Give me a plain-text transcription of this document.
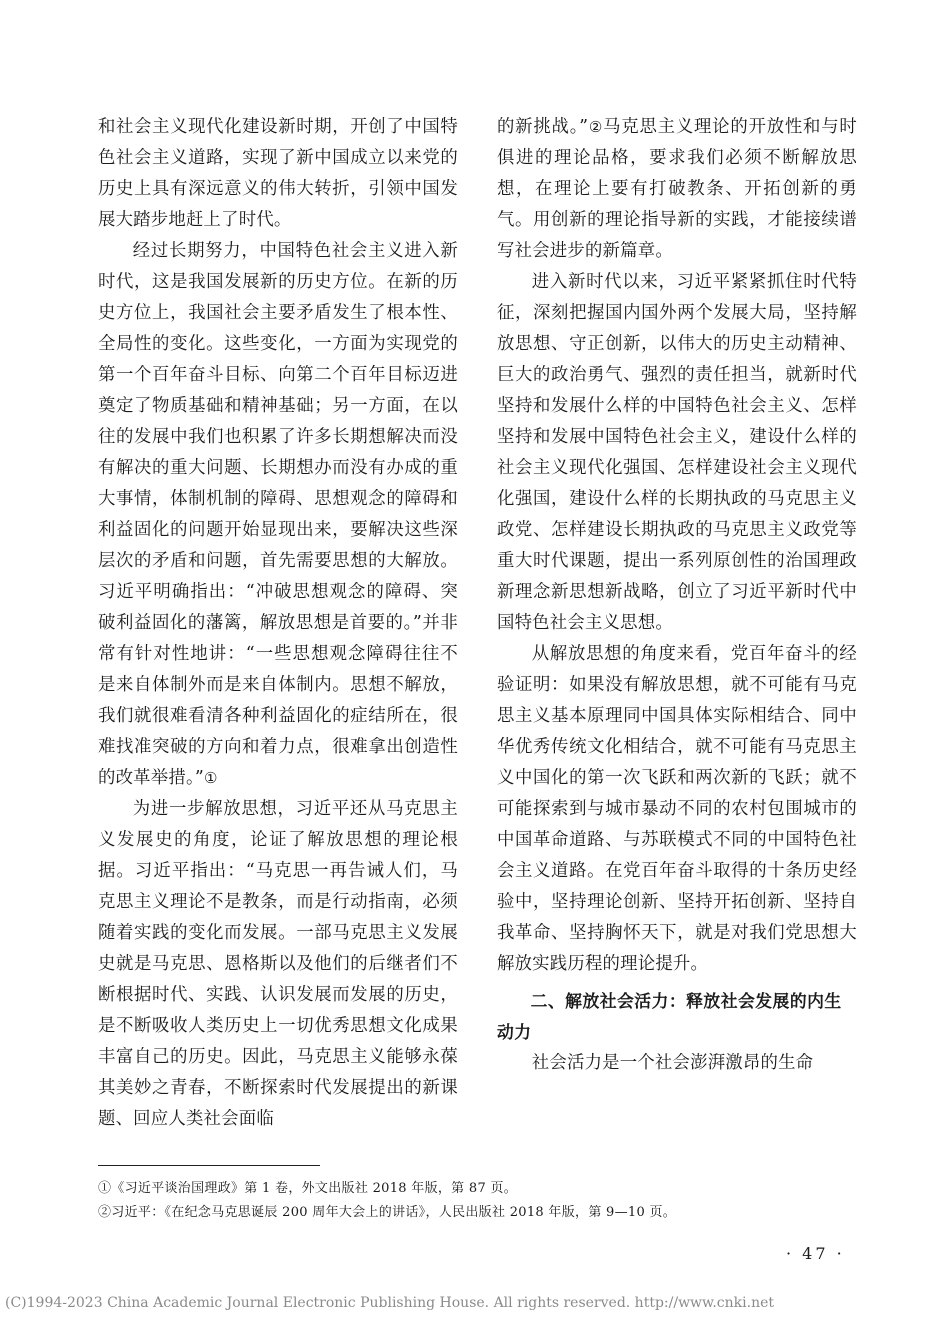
和社会主义现代化建设新时期，开创了中国特色社会主义道路，实现了新中国成立以来党的历史上具有深远意义的伟大转折，引领中国发展大踏步地赶上了时代。

经过长期努力，中国特色社会主义进入新时代，这是我国发展新的历史方位。在新的历史方位上，我国社会主要矛盾发生了根本性、全局性的变化。这些变化，一方面为实现党的第一个百年奋斗目标、向第二个百年目标迈进奠定了物质基础和精神基础；另一方面，在以往的发展中我们也积累了许多长期想解决而没有解决的重大问题、长期想办而没有办成的重大事情，体制机制的障碍、思想观念的障碍和利益固化的问题开始显现出来，要解决这些深层次的矛盾和问题，首先需要思想的大解放。习近平明确指出：“冲破思想观念的障碍、突破利益固化的藩篱，解放思想是首要的。”并非常有针对性地讲：“一些思想观念障碍往往不是来自体制外而是来自体制内。思想不解放，我们就很难看清各种利益固化的症结所在，很难找准突破的方向和着力点，很难拿出创造性的改革举措。”①

为进一步解放思想，习近平还从马克思主义发展史的角度，论证了解放思想的理论根据。习近平指出：“马克思一再告诫人们，马克思主义理论不是教条，而是行动指南，必须随着实践的变化而发展。一部马克思主义发展史就是马克思、恩格斯以及他们的后继者们不断根据时代、实践、认识发展而发展的历史，是不断吸收人类历史上一切优秀思想文化成果丰富自己的历史。因此，马克思主义能够永葆其美妙之青春，不断探索时代发展提出的新课题、回应人类社会面临

的新挑战。”②马克思主义理论的开放性和与时俱进的理论品格，要求我们必须不断解放思想，在理论上要有打破教条、开拓创新的勇气。用创新的理论指导新的实践，才能接续谱写社会进步的新篇章。

进入新时代以来，习近平紧紧抓住时代特征，深刻把握国内国外两个发展大局，坚持解放思想、守正创新，以伟大的历史主动精神、巨大的政治勇气、强烈的责任担当，就新时代坚持和发展什么样的中国特色社会主义、怎样坚持和发展中国特色社会主义，建设什么样的社会主义现代化强国、怎样建设社会主义现代化强国，建设什么样的长期执政的马克思主义政党、怎样建设长期执政的马克思主义政党等重大时代课题，提出一系列原创性的治国理政新理念新思想新战略，创立了习近平新时代中国特色社会主义思想。

从解放思想的角度来看，党百年奋斗的经验证明：如果没有解放思想，就不可能有马克思主义基本原理同中国具体实际相结合、同中华优秀传统文化相结合，就不可能有马克思主义中国化的第一次飞跃和两次新的飞跃；就不可能探索到与城市暴动不同的农村包围城市的中国革命道路、与苏联模式不同的中国特色社会主义道路。在党百年奋斗取得的十条历史经验中，坚持理论创新、坚持开拓创新、坚持自我革命、坚持胸怀天下，就是对我们党思想大解放实践历程的理论提升。

二、解放社会活力：释放社会发展的内生动力

社会活力是一个社会澎湃激昂的生命

①《习近平谈治国理政》第 1 卷，外文出版社 2018 年版，第 87 页。

②习近平：《在纪念马克思诞辰 200 周年大会上的讲话》，人民出版社 2018 年版，第 9—10 页。

· 47 ·
(C)1994-2023 China Academic Journal Electronic Publishing House. All rights reserved. http://www.cnki.net
